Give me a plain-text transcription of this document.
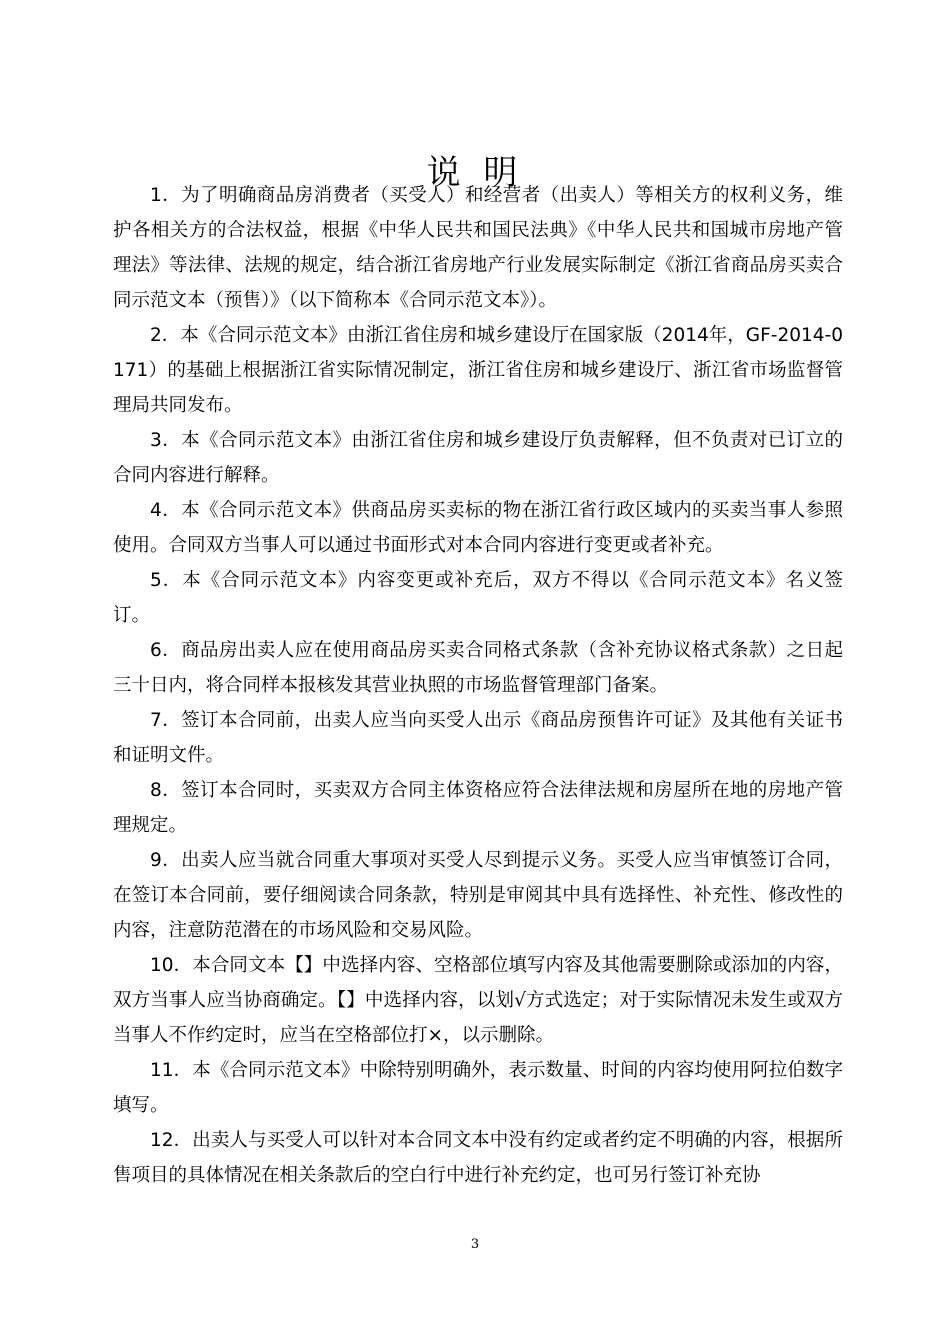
说 明

1．为了明确商品房消费者（买受人）和经营者（出卖人）等相关方的权利义务，维护各相关方的合法权益，根据《中华人民共和国民法典》《中华人民共和国城市房地产管理法》等法律、法规的规定，结合浙江省房地产行业发展实际制定《浙江省商品房买卖合同示范文本（预售）》（以下简称本《合同示范文本》）。

2．本《合同示范文本》由浙江省住房和城乡建设厅在国家版（2014年，GF-2014-0171）的基础上根据浙江省实际情况制定，浙江省住房和城乡建设厅、浙江省市场监督管理局共同发布。

3．本《合同示范文本》由浙江省住房和城乡建设厅负责解释，但不负责对已订立的合同内容进行解释。

4．本《合同示范文本》供商品房买卖标的物在浙江省行政区域内的买卖当事人参照使用。合同双方当事人可以通过书面形式对本合同内容进行变更或者补充。

5．本《合同示范文本》内容变更或补充后，双方不得以《合同示范文本》名义签订。

6．商品房出卖人应在使用商品房买卖合同格式条款（含补充协议格式条款）之日起三十日内，将合同样本报核发其营业执照的市场监督管理部门备案。

7．签订本合同前，出卖人应当向买受人出示《商品房预售许可证》及其他有关证书和证明文件。

8．签订本合同时，买卖双方合同主体资格应符合法律法规和房屋所在地的房地产管理规定。

9．出卖人应当就合同重大事项对买受人尽到提示义务。买受人应当审慎签订合同，在签订本合同前，要仔细阅读合同条款，特别是审阅其中具有选择性、补充性、修改性的内容，注意防范潜在的市场风险和交易风险。

10．本合同文本【】中选择内容、空格部位填写内容及其他需要删除或添加的内容，双方当事人应当协商确定。【】中选择内容，以划√方式选定；对于实际情况未发生或双方当事人不作约定时，应当在空格部位打×，以示删除。

11．本《合同示范文本》中除特别明确外，表示数量、时间的内容均使用阿拉伯数字填写。

12．出卖人与买受人可以针对本合同文本中没有约定或者约定不明确的内容，根据所售项目的具体情况在相关条款后的空白行中进行补充约定，也可另行签订补充协

3
